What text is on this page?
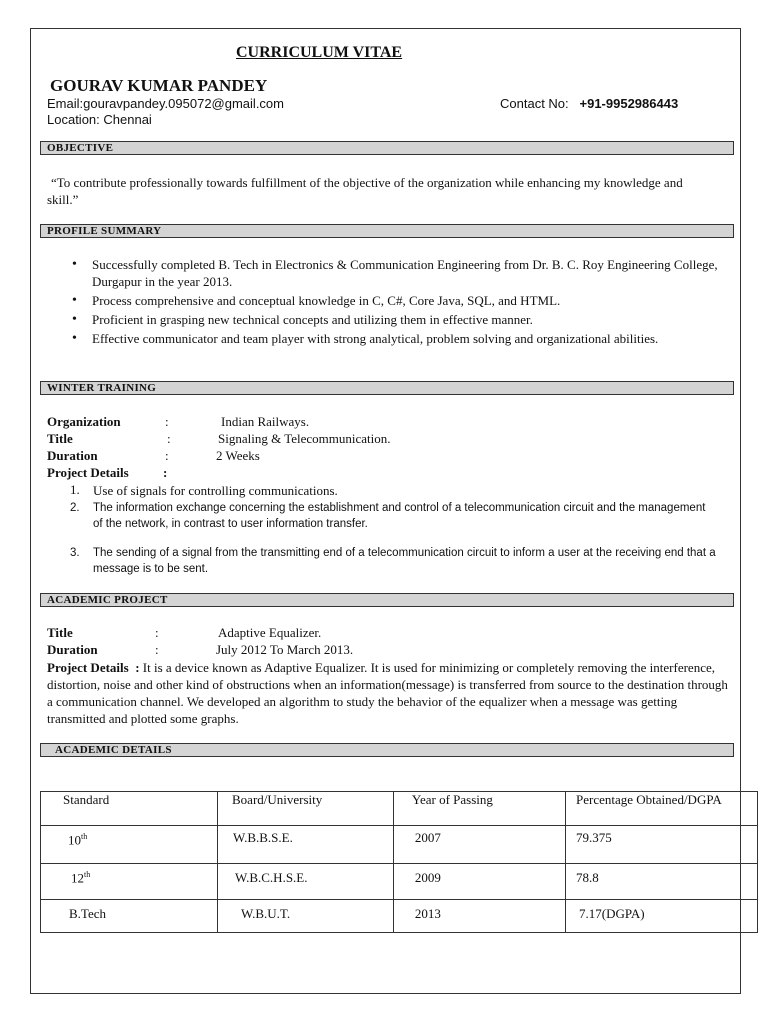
CURRICULUM VITAE
GOURAV KUMAR PANDEY
Email:gouravpandey.095072@gmail.com	Contact No: +91-9952986443
Location: Chennai
OBJECTIVE
“To contribute professionally towards fulfillment of the objective of the organization while enhancing my knowledge and skill.”
PROFILE SUMMARY
• Successfully completed B. Tech in Electronics & Communication Engineering from Dr. B. C. Roy Engineering College, Durgapur in the year 2013.
• Process comprehensive and conceptual knowledge in C, C#, Core Java, SQL, and HTML.
• Proficient in grasping new technical concepts and utilizing them in effective manner.
• Effective communicator and team player with strong analytical, problem solving and organizational abilities.
WINTER TRAINING
Organization	:	Indian Railways.
Title	:	Signaling & Telecommunication.
Duration	:	2 Weeks
Project Details	:
1. Use of signals for controlling communications.
2. The information exchange concerning the establishment and control of a telecommunication circuit and the management of the network, in contrast to user information transfer.
3. The sending of a signal from the transmitting end of a telecommunication circuit to inform a user at the receiving end that a message is to be sent.
ACADEMIC PROJECT
Title	:	Adaptive Equalizer.
Duration	:	July 2012 To March 2013.
Project Details : It is a device known as Adaptive Equalizer. It is used for minimizing or completely removing the interference, distortion, noise and other kind of obstructions when an information(message) is transferred from source to the destination through a communication channel. We developed an algorithm to study the behavior of the equalizer when a message was getting transmitted and plotted some graphs.
ACADEMIC DETAILS
Standard	Board/University	Year of Passing	Percentage Obtained/DGPA
10th	W.B.B.S.E.	2007	79.375
12th	W.B.C.H.S.E.	2009	78.8
B.Tech	W.B.U.T.	2013	7.17(DGPA)
